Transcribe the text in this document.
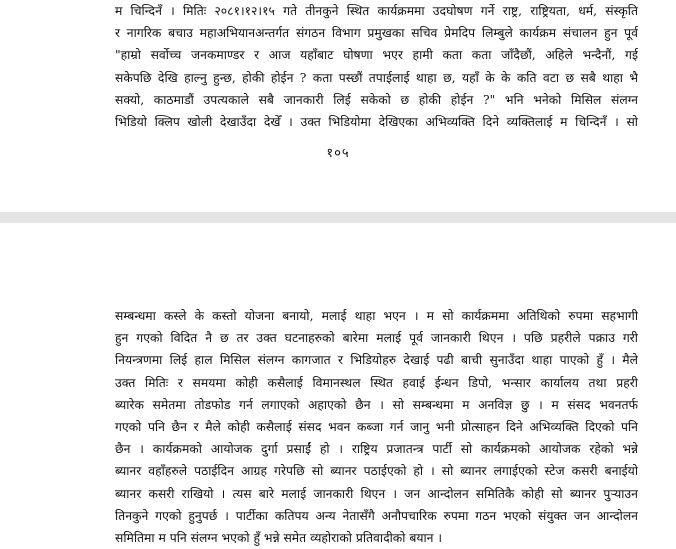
म चिन्दिनँ । मितिः २०८१।१२।१५ गते तीनकुने स्थित कार्यक्रममा उदघोषण गर्ने राष्ट्र, राष्ट्रियता, धर्म, संस्कृति
र नागरिक बचाउ महाअभियानअन्तर्गत संगठन विभाग प्रमुखका सचिव प्रेमदिप लिम्बुले कार्यक्रम संचालन हुन पूर्व
"हाम्रो सर्वोच्च जनकमाण्डर र आज यहाँबाट घोषणा भएर हामी कता कता जाँदैछौं, अहिले भन्दैनौं, गई
सकेपछि देखि हाल्नु हुन्छ, होकी होईन ? कता पस्छौं तपाईलाई थाहा छ, यहाँ के के कति वटा छ सबै थाहा भै
सक्यो, काठमाडौं उपत्यकाले सबै जानकारी लिई सकेको छ होकी होईन ?" भनि भनेको मिसिल संलग्न
भिडियो क्लिप खोली देखाउँदा देखेँ । उक्त भिडियोमा देखिएका अभिव्यक्ति दिने व्यक्तिलाई म चिन्दिनँ । सो
१०५
सम्बन्धमा कस्ले के कस्तो योजना बनायो, मलाई थाहा भएन । म सो कार्यक्रममा अतिथिको रुपमा सहभागी
हुन गएको विदित नै छ तर उक्त घटनाहरुको बारेमा मलाई पूर्व जानकारी थिएन । पछि प्रहरीले पक्राउ गरी
नियन्त्रणमा लिई हाल मिसिल संलग्न कागजात र भिडियोहरु देखाई पढी बाची सुनाउँदा थाहा पाएको हुँ । मैले
उक्त मितिः र समयमा कोही कसैलाई विमानस्थल स्थित हवाई ईन्धन डिपो, भन्सार कार्यालय तथा प्रहरी
ब्यारेक समेतमा तोडफोड गर्न लगाएको अहाएको छैन । सो सम्बन्धमा म अनविज्ञ छु । म संसद भवनतर्फ
गएको पनि छैन र मैले कोही कसैलाई संसद भवन कब्जा गर्न जानु भनी प्रोत्साहन दिने अभिव्यक्ति दिएको पनि
छैन । कार्यक्रमको आयोजक दुर्गा प्रसाईं हो । राष्ट्रिय प्रजातन्त्र पार्टी सो कार्यक्रमको आयोजक रहेको भन्ने
ब्यानर वहाँहरुले पठाईदिन आग्रह गरेपछि सो ब्यानर पठाईएको हो । सो ब्यानर लगाईएको स्टेज कसरी बनाईयो
ब्यानर कसरी राखियो । त्यस बारे मलाई जानकारी थिएन । जन आन्दोलन समितिकै कोही सो ब्यानर पुर्‍याउन
तिनकुने गएको हुनुपर्छ । पार्टीका कतिपय अन्य नेतासँगै अनौपचारिक रुपमा गठन भएको संयुक्त जन आन्दोलन
समितिमा म पनि संलग्न भएको हुँ भन्ने समेत व्यहोराको प्रतिवादीको बयान ।
